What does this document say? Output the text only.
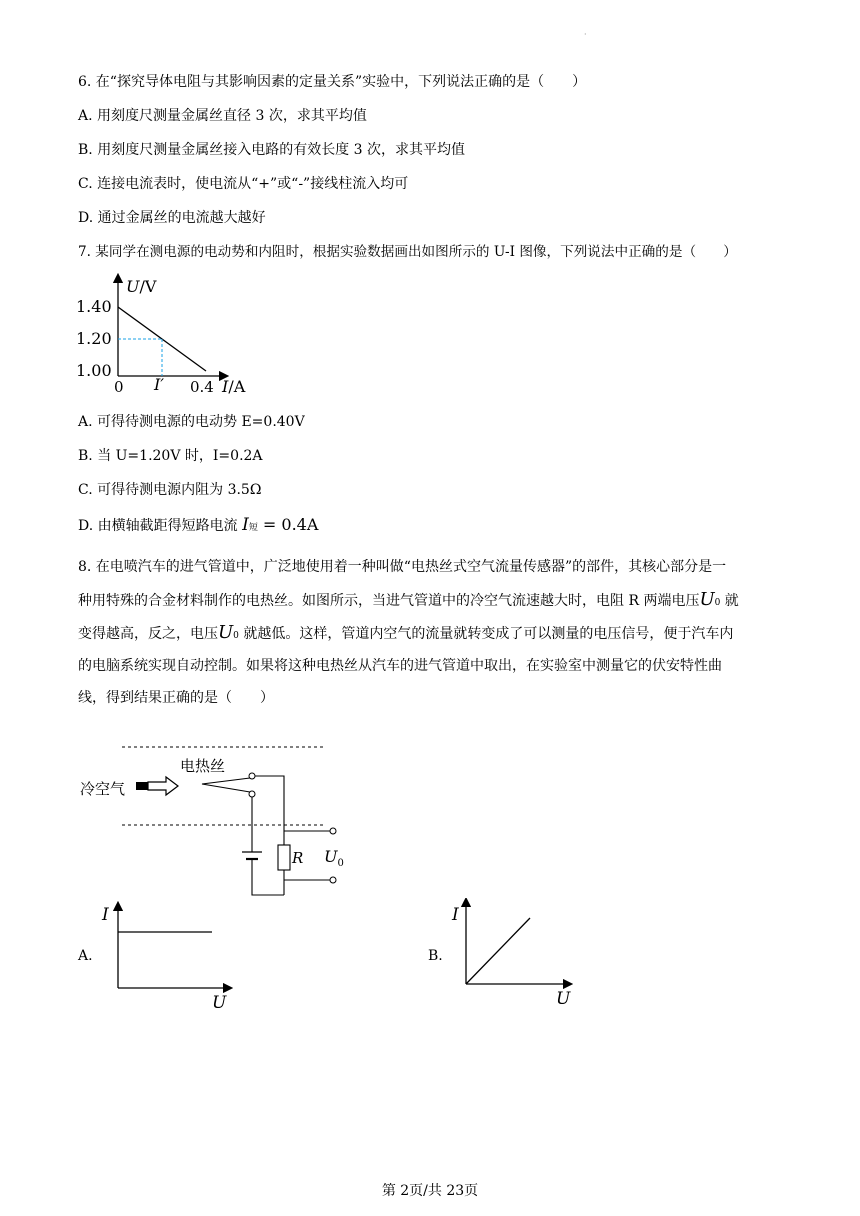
·
6. 在“探究导体电阻与其影响因素的定量关系”实验中，下列说法正确的是（　　）
A. 用刻度尺测量金属丝直径 3 次，求其平均值
B. 用刻度尺测量金属丝接入电路的有效长度 3 次，求其平均值
C. 连接电流表时，使电流从“+”或“-”接线柱流入均可
D. 通过金属丝的电流越大越好
7. 某同学在测电源的电动势和内阻时，根据实验数据画出如图所示的 U-I 图像，下列说法中正确的是（　　）
U/V
1.40
1.20
1.00
0 I′ 0.4 I/A
A. 可得待测电源的电动势 E=0.40V
B. 当 U=1.20V 时，I=0.2A
C. 可得待测电源内阻为 3.5Ω
D. 由横轴截距得短路电流 I短 = 0.4A
8. 在电喷汽车的进气管道中，广泛地使用着一种叫做“电热丝式空气流量传感器”的部件，其核心部分是一
种用特殊的合金材料制作的电热丝。如图所示，当进气管道中的冷空气流速越大时，电阻 R 两端电压U0 就
变得越高，反之，电压U0 就越低。这样，管道内空气的流量就转变成了可以测量的电压信号，便于汽车内
的电脑系统实现自动控制。如果将这种电热丝从汽车的进气管道中取出，在实验室中测量它的伏安特性曲
线，得到结果正确的是（　　）
冷空气
电热丝
R $U_0$
A.
I
U
B.
I
U
第 2页/共 23页
